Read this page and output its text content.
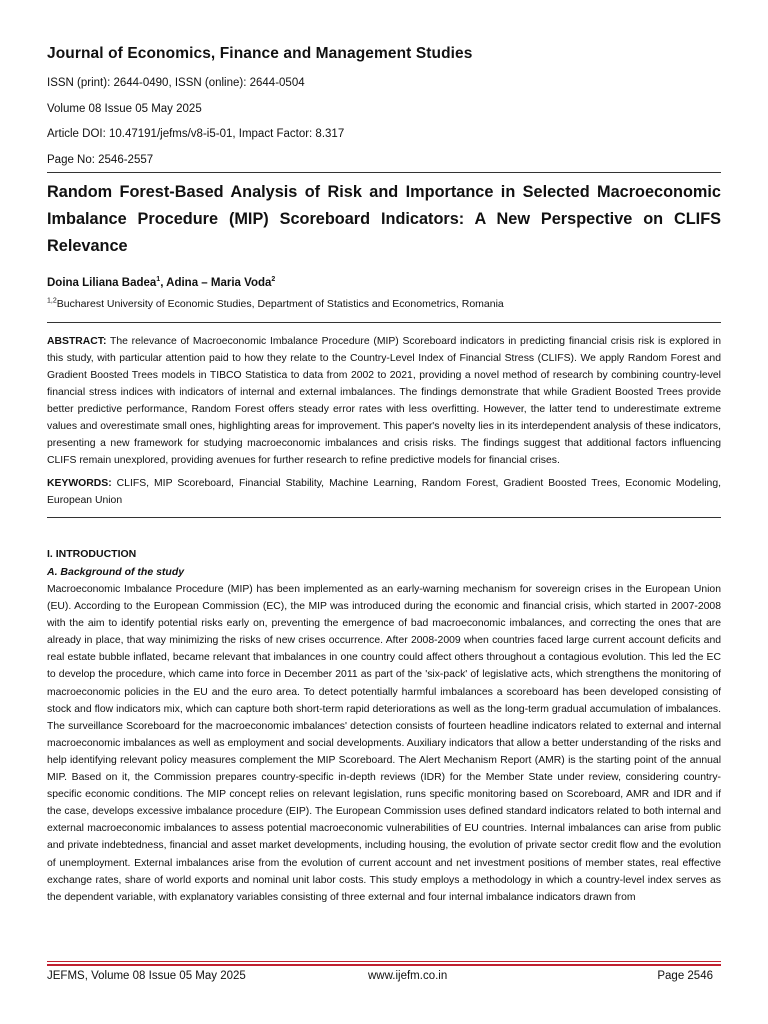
Journal of Economics, Finance and Management Studies
ISSN (print): 2644-0490, ISSN (online): 2644-0504
Volume 08 Issue 05 May 2025
Article DOI: 10.47191/jefms/v8-i5-01, Impact Factor: 8.317
Page No: 2546-2557
Random Forest-Based Analysis of Risk and Importance in Selected Macroeconomic Imbalance Procedure (MIP) Scoreboard Indicators: A New Perspective on CLIFS Relevance
Doina Liliana Badea$^1$, Adina – Maria Voda$^2$
$^{1,2}$Bucharest University of Economic Studies, Department of Statistics and Econometrics, Romania

ABSTRACT: The relevance of Macroeconomic Imbalance Procedure (MIP) Scoreboard indicators in predicting financial crisis risk is explored in this study, with particular attention paid to how they relate to the Country-Level Index of Financial Stress (CLIFS). We apply Random Forest and Gradient Boosted Trees models in TIBCO Statistica to data from 2002 to 2021, providing a novel method of research by combining country-level financial stress indices with indicators of internal and external imbalances. The findings demonstrate that while Gradient Boosted Trees provide better predictive performance, Random Forest offers steady error rates with less overfitting. However, the latter tend to underestimate extreme values and overestimate small ones, highlighting areas for improvement. This paper's novelty lies in its interdependent analysis of these indicators, presenting a new framework for studying macroeconomic imbalances and crisis risks. The findings suggest that additional factors influencing CLIFS remain unexplored, providing avenues for further research to refine predictive models for financial crises.

KEYWORDS: CLIFS, MIP Scoreboard, Financial Stability, Machine Learning, Random Forest, Gradient Boosted Trees, Economic Modeling, European Union

I. INTRODUCTION
A. Background of the study

Macroeconomic Imbalance Procedure (MIP) has been implemented as an early-warning mechanism for sovereign crises in the European Union (EU). According to the European Commission (EC), the MIP was introduced during the economic and financial crisis, which started in 2007-2008 with the aim to identify potential risks early on, preventing the emergence of bad macroeconomic imbalances, and correcting the ones that are already in place, that way minimizing the risks of new crises occurrence. After 2008-2009 when countries faced large current account deficits and real estate bubble inflated, became relevant that imbalances in one country could affect others throughout a contagious evolution. This led the EC to develop the procedure, which came into force in December 2011 as part of the 'six-pack' of legislative acts, which strengthens the monitoring of macroeconomic policies in the EU and the euro area. To detect potentially harmful imbalances a scoreboard has been developed consisting of stock and flow indicators mix, which can capture both short-term rapid deteriorations as well as the long-term gradual accumulation of imbalances. The surveillance Scoreboard for the macroeconomic imbalances' detection consists of fourteen headline indicators related to external and internal macroeconomic imbalances as well as employment and social developments. Auxiliary indicators that allow a better understanding of the risks and help identifying relevant policy measures complement the MIP Scoreboard. The Alert Mechanism Report (AMR) is the starting point of the annual MIP. Based on it, the Commission prepares country-specific in-depth reviews (IDR) for the Member State under review, considering country-specific economic conditions. The MIP concept relies on relevant legislation, runs specific monitoring based on Scoreboard, AMR and IDR and if the case, develops excessive imbalance procedure (EIP). The European Commission uses defined standard indicators related to both internal and external macroeconomic imbalances to assess potential macroeconomic vulnerabilities of EU countries. Internal imbalances can arise from public and private indebtedness, financial and asset market developments, including housing, the evolution of private sector credit flow and the evolution of unemployment. External imbalances arise from the evolution of current account and net investment positions of member states, real effective exchange rates, share of world exports and nominal unit labor costs. This study employs a methodology in which a country-level index serves as the dependent variable, with explanatory variables consisting of three external and four internal imbalance indicators drawn from

JEFMS, Volume 08 Issue 05 May 2025	www.ijefm.co.in	Page 2546
